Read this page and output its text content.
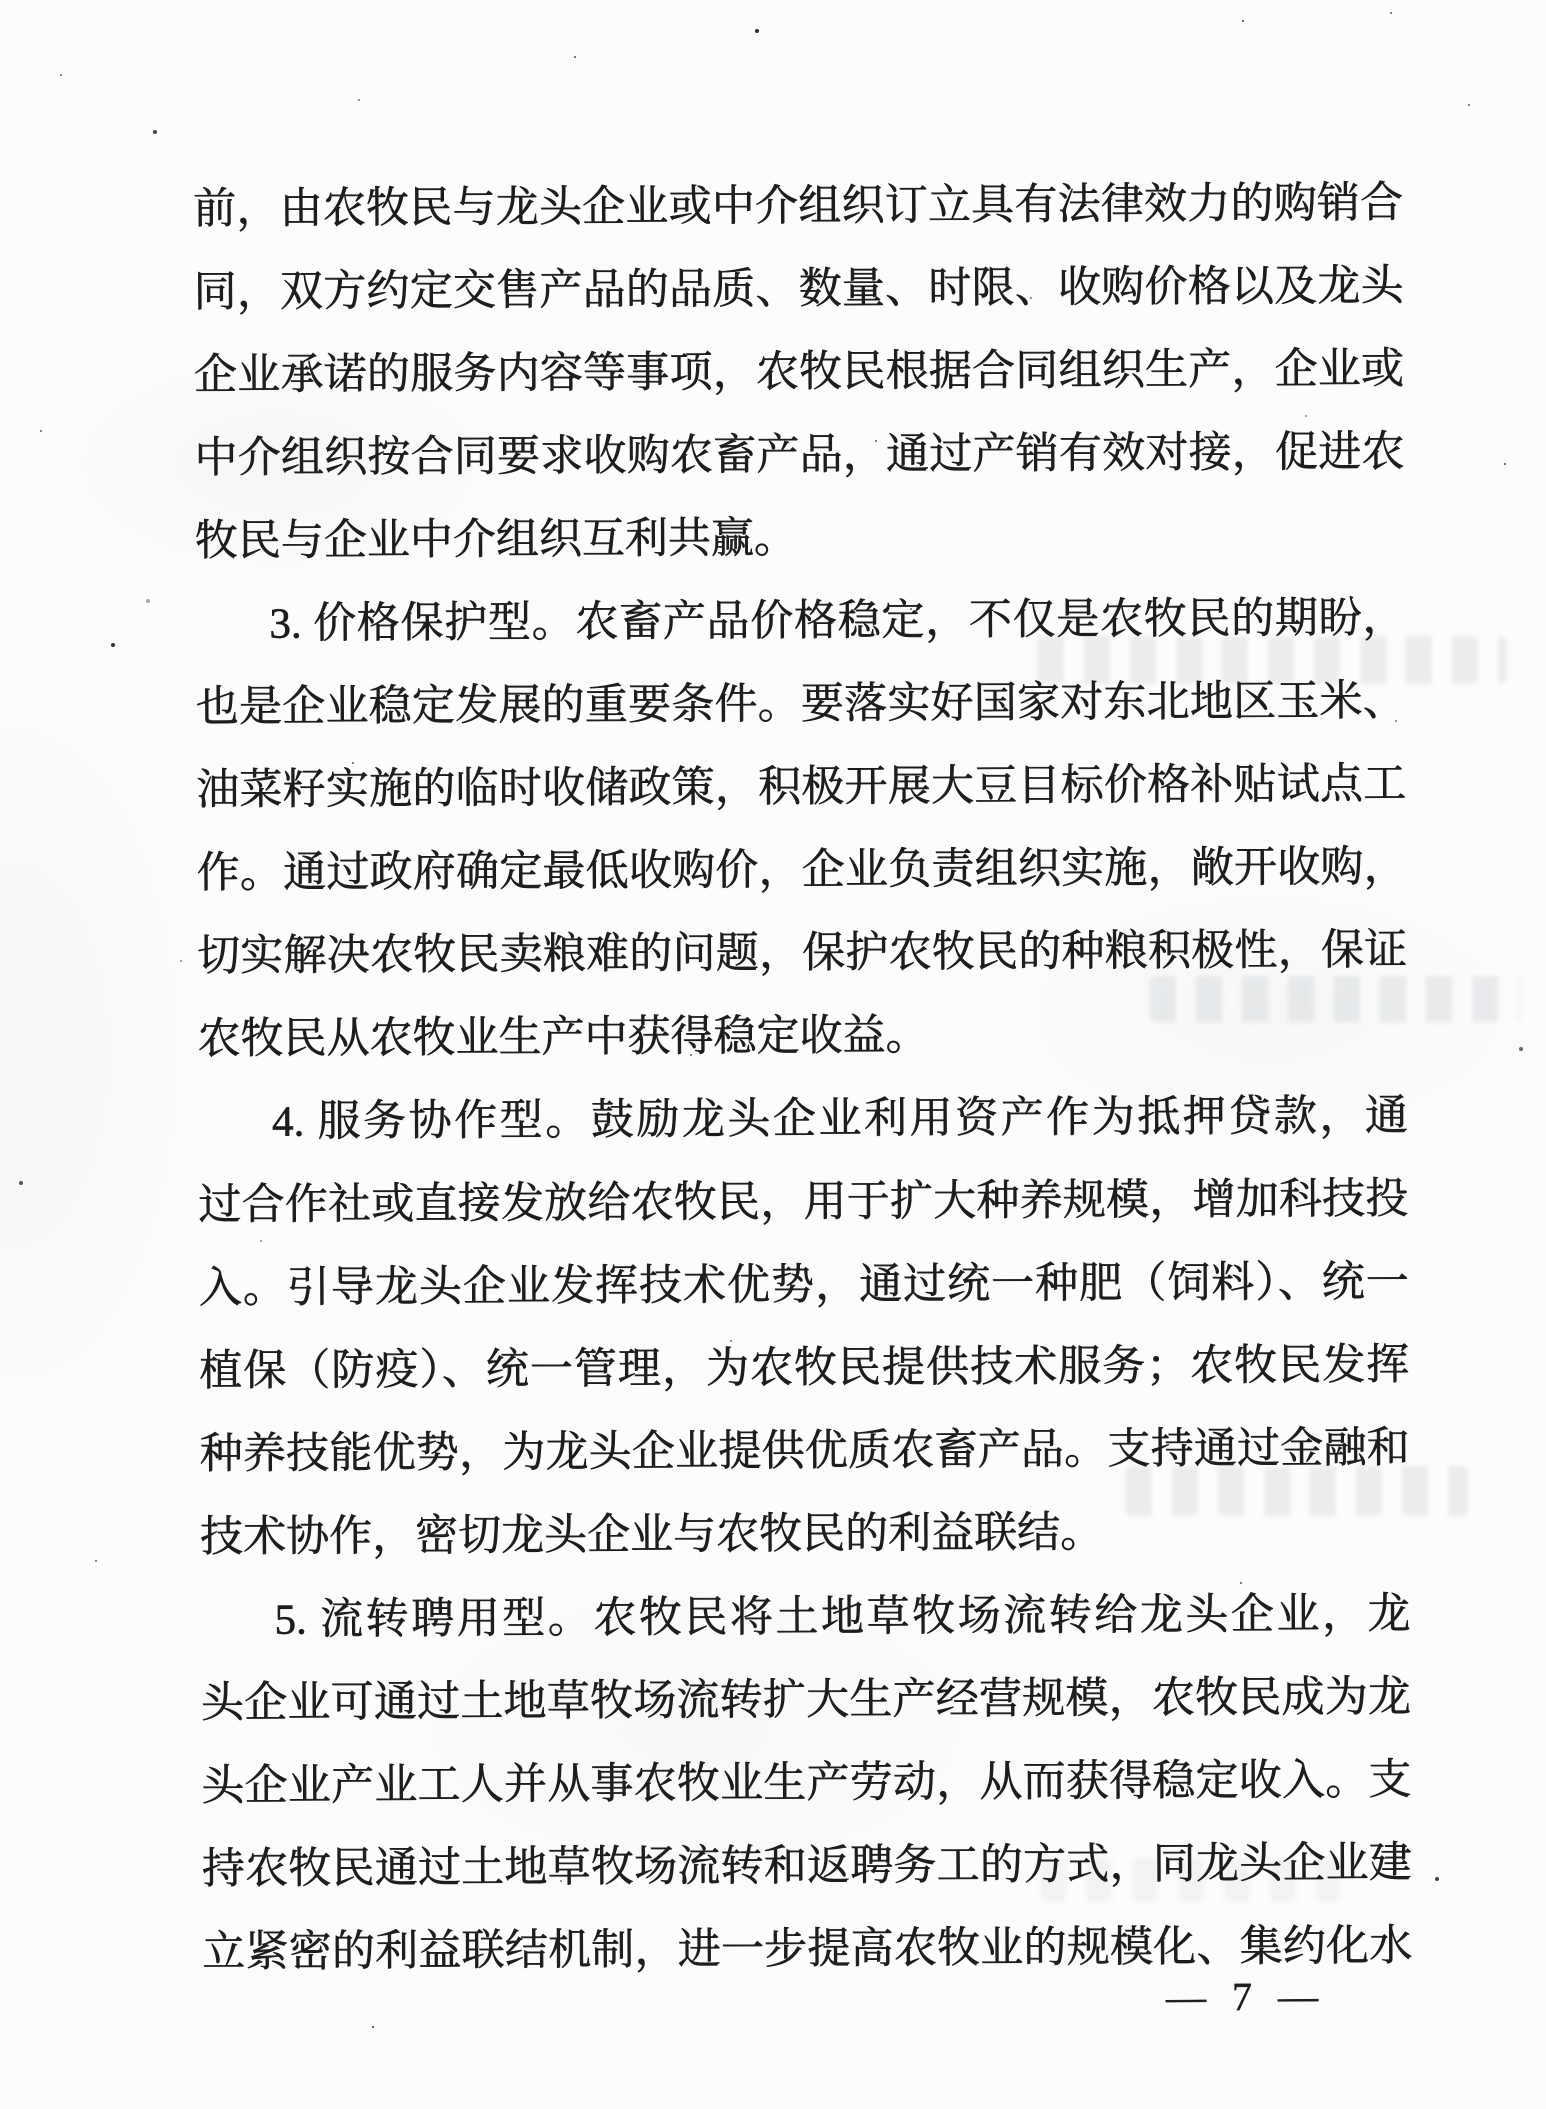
前，由农牧民与龙头企业或中介组织订立具有法律效力的购销合
同，双方约定交售产品的品质、数量、时限、收购价格以及龙头
企业承诺的服务内容等事项，农牧民根据合同组织生产，企业或
中介组织按合同要求收购农畜产品，通过产销有效对接，促进农
牧民与企业中介组织互利共赢。
3. 价格保护型。农畜产品价格稳定，不仅是农牧民的期盼，
也是企业稳定发展的重要条件。要落实好国家对东北地区玉米、
油菜籽实施的临时收储政策，积极开展大豆目标价格补贴试点工
作。通过政府确定最低收购价，企业负责组织实施，敞开收购，
切实解决农牧民卖粮难的问题，保护农牧民的种粮积极性，保证
农牧民从农牧业生产中获得稳定收益。
4. 服务协作型。鼓励龙头企业利用资产作为抵押贷款，通
过合作社或直接发放给农牧民，用于扩大种养规模，增加科技投
入。引导龙头企业发挥技术优势，通过统一种肥（饲料）、统一
植保（防疫）、统一管理，为农牧民提供技术服务；农牧民发挥
种养技能优势，为龙头企业提供优质农畜产品。支持通过金融和
技术协作，密切龙头企业与农牧民的利益联结。
5. 流转聘用型。农牧民将土地草牧场流转给龙头企业，龙
头企业可通过土地草牧场流转扩大生产经营规模，农牧民成为龙
头企业产业工人并从事农牧业生产劳动，从而获得稳定收入。支
持农牧民通过土地草牧场流转和返聘务工的方式，同龙头企业建
立紧密的利益联结机制，进一步提高农牧业的规模化、集约化水
— 7 —
